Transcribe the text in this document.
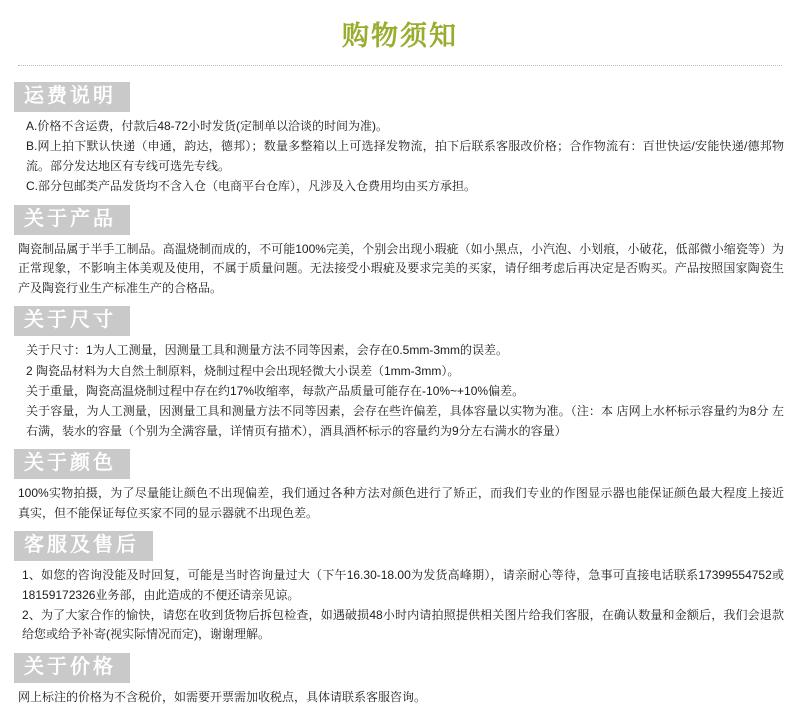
购物须知
运费说明

A.价格不含运费，付款后48-72小时发货(定制单以洽谈的时间为准)。

B.网上拍下默认快递（申通，韵达，德邦）；数量多整箱以上可选择发物流，拍下后联系客服改价格；合作物流有：百世快运/安能快递/德邦物流。部分发达地区有专线可选先专线。

C.部分包邮类产品发货均不含入仓（电商平台仓库），凡涉及入仓费用均由买方承担。

关于产品

陶瓷制品属于半手工制品。高温烧制而成的，不可能100%完美，个别会出现小瑕疵（如小黑点，小汽泡、小划痕，小破花，低部微小缩瓷等）为正常现象，不影响主体美观及使用，不属于质量问题。无法接受小瑕疵及要求完美的买家，请仔细考虑后再决定是否购买。产品按照国家陶瓷生产及陶瓷行业生产标准生产的合格品。

关于尺寸

关于尺寸：1为人工测量，因测量工具和测量方法不同等因素，会存在0.5mm-3mm的误差。

2 陶瓷品材料为大自然土制原料，烧制过程中会出现轻微大小误差（1mm-3mm）。

关于重量，陶瓷高温烧制过程中存在约17%收缩率，每款产品质量可能存在-10%~+10%偏差。

关于容量，为人工测量，因测量工具和测量方法不同等因素，会存在些许偏差，具体容量以实物为准。（注：本 店网上水杯标示容量约为8分 左右满，装水的容量（个别为全满容量，详情页有描术），酒具酒杯标示的容量约为9分左右满水的容量）

关于颜色

100%实物拍摄，为了尽量能让颜色不出现偏差，我们通过各种方法对颜色进行了矫正，而我们专业的作图显示器也能保证颜色最大程度上接近 真实，但不能保证每位买家不同的显示器就不出现色差。

客服及售后

1、如您的咨询没能及时回复，可能是当时咨询量过大（下午16.30-18.00为发货高峰期），请亲耐心等待，急事可直接电话联系17399554752或18159172326业务部，由此造成的不便还请亲见谅。

2、为了大家合作的愉快，请您在收到货物后拆包检查，如遇破损48小时内请拍照提供相关图片给我们客服，在确认数量和金额后，我们会退款 给您或给予补寄(视实际情况而定)，谢谢理解。

关于价格

网上标注的价格为不含税价，如需要开票需加收税点，具体请联系客服咨询。
